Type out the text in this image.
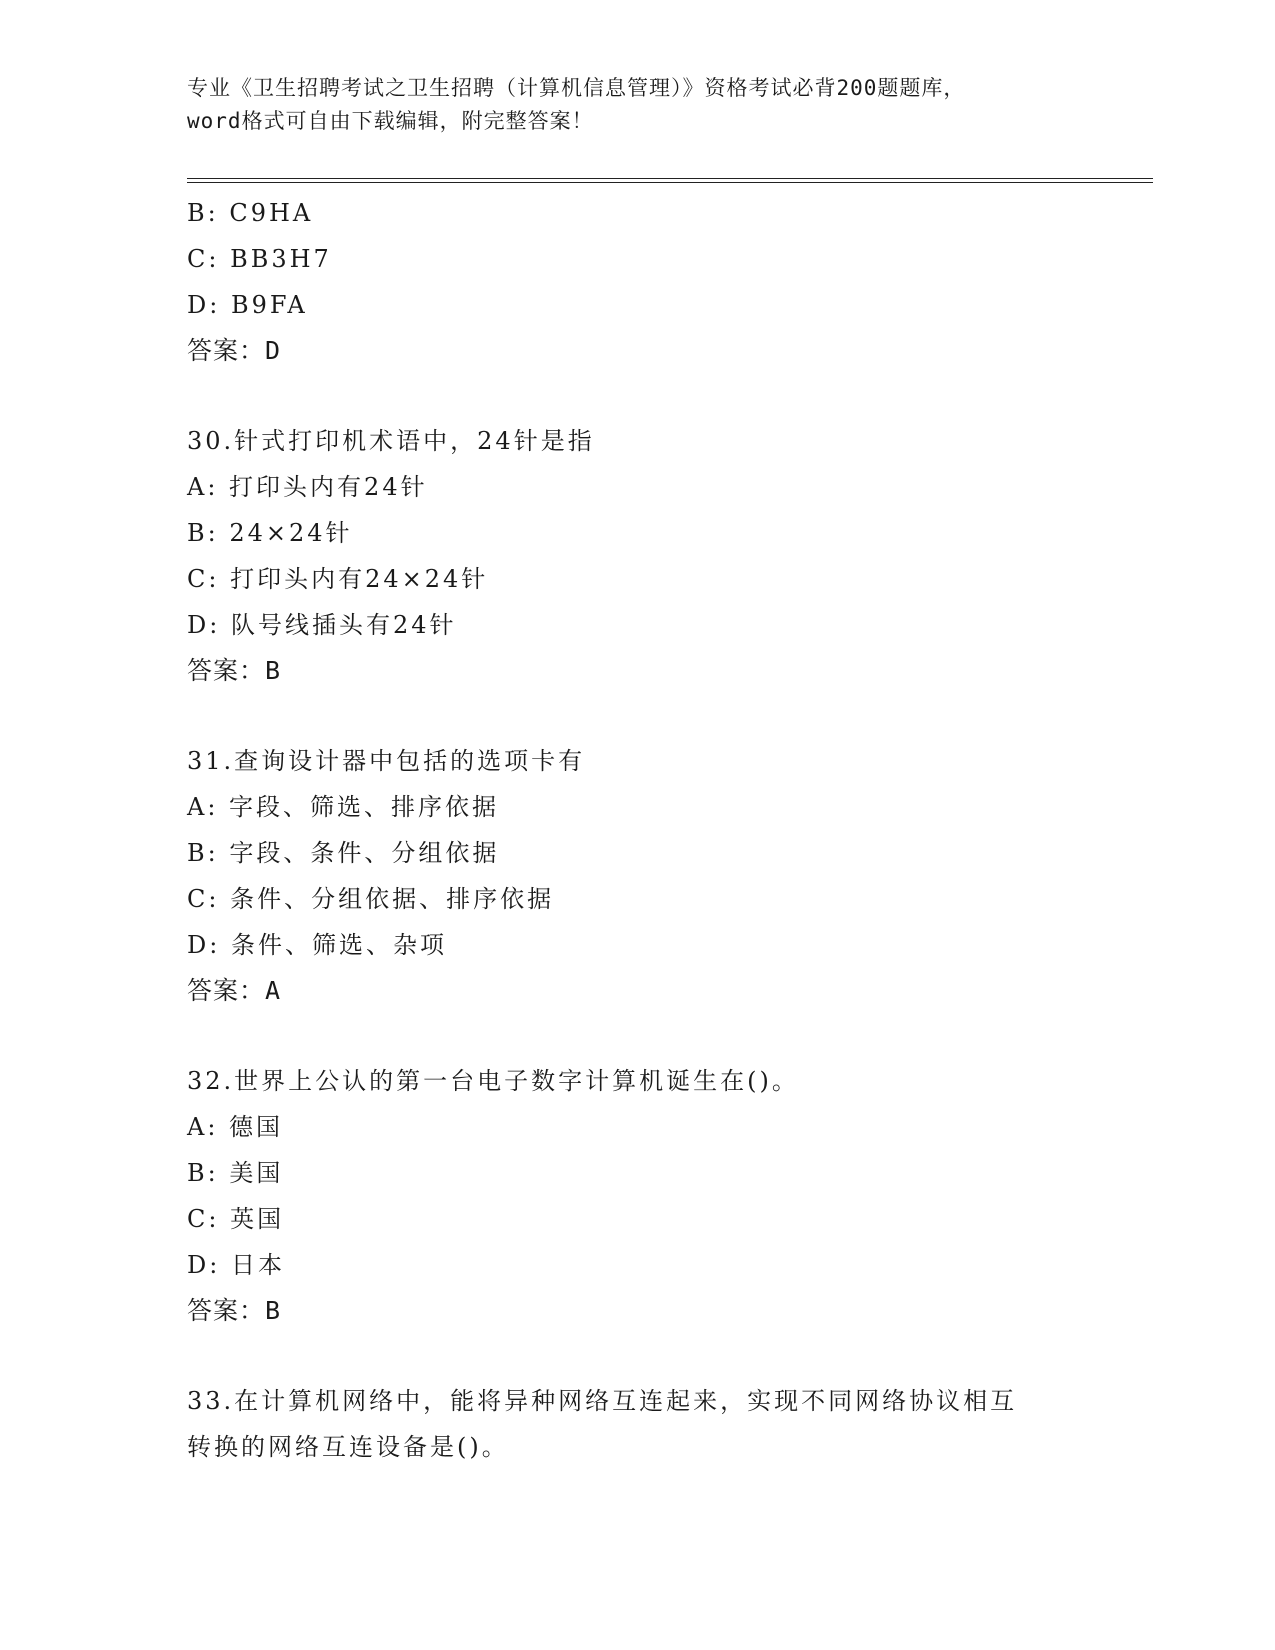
专业《卫生招聘考试之卫生招聘（计算机信息管理）》资格考试必背200题题库，
word格式可自由下载编辑，附完整答案！
B: C9HA
C: BB3H7
D: B9FA
答案：D
30.针式打印机术语中，24针是指
A: 打印头内有24针
B: 24×24针
C: 打印头内有24×24针
D: 队号线插头有24针
答案：B
31.查询设计器中包括的选项卡有
A: 字段、筛选、排序依据
B: 字段、条件、分组依据
C: 条件、分组依据、排序依据
D: 条件、筛选、杂项
答案：A
32.世界上公认的第一台电子数字计算机诞生在()。
A: 德国
B: 美国
C: 英国
D: 日本
答案：B
33.在计算机网络中，能将异种网络互连起来，实现不同网络协议相互
转换的网络互连设备是()。
